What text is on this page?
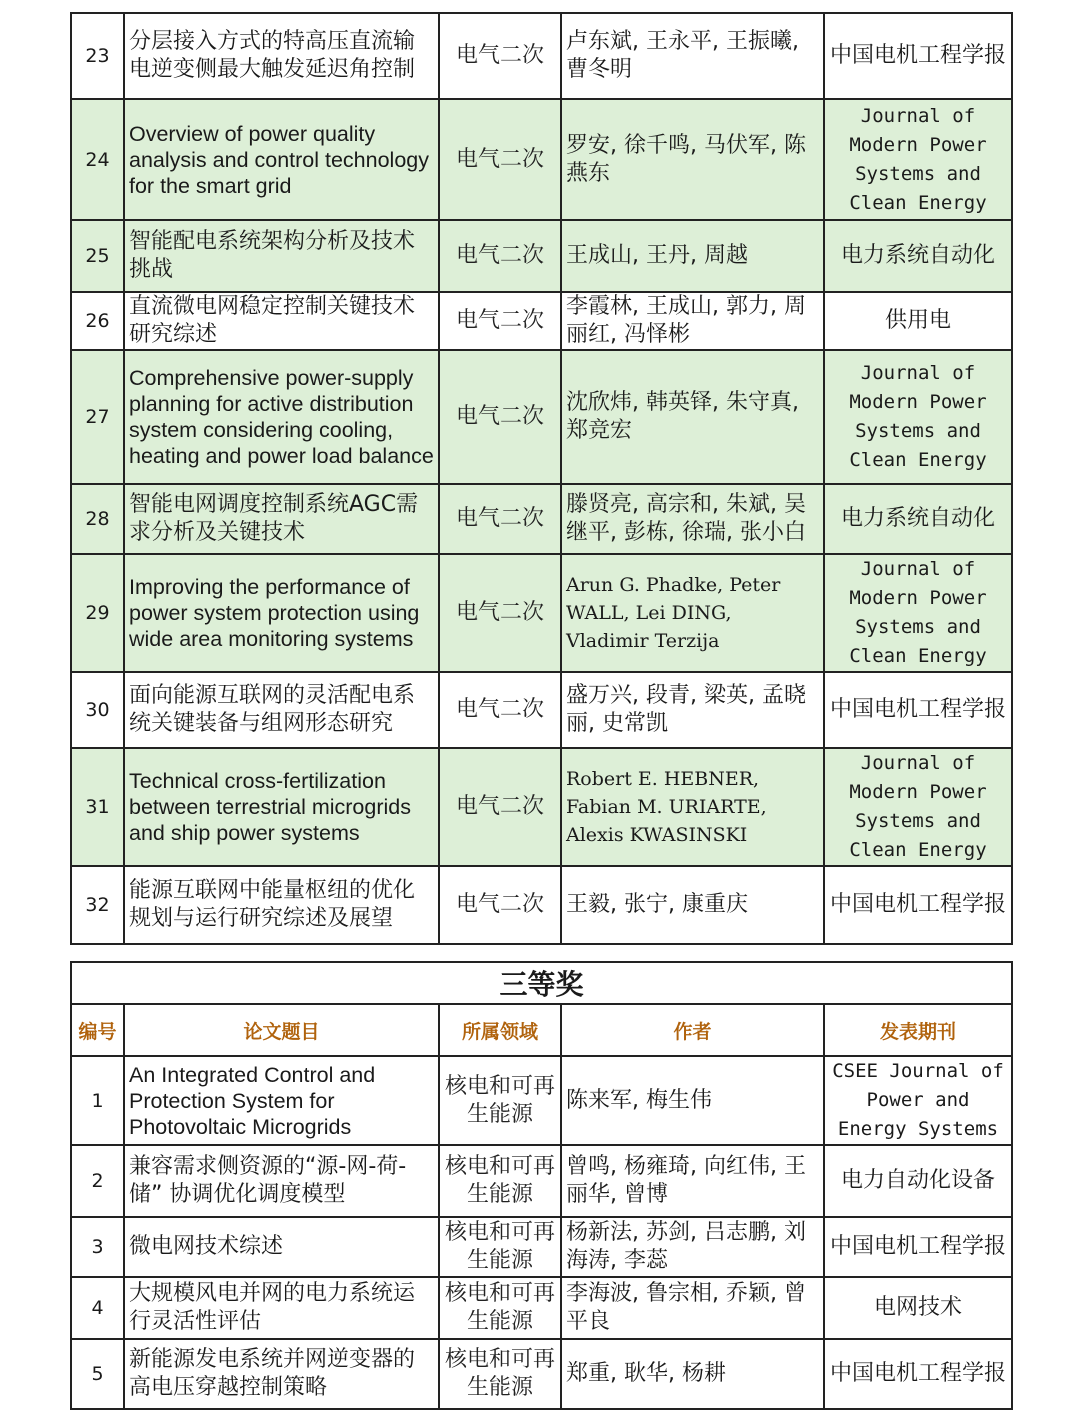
23	分层接入方式的特高压直流输电逆变侧最大触发延迟角控制	电气二次	卢东斌, 王永平, 王振曦, 曹冬明	中国电机工程学报
24	Overview of power quality analysis and control technology for the smart grid	电气二次	罗安, 徐千鸣, 马伏军, 陈燕东	Journal of Modern Power Systems and Clean Energy
25	智能配电系统架构分析及技术挑战	电气二次	王成山, 王丹, 周越	电力系统自动化
26	直流微电网稳定控制关键技术研究综述	电气二次	李霞林, 王成山, 郭力, 周丽红, 冯怿彬	供用电
27	Comprehensive power-supply planning for active distribution system considering cooling, heating and power load balance	电气二次	沈欣炜, 韩英铎, 朱守真, 郑竞宏	Journal of Modern Power Systems and Clean Energy
28	智能电网调度控制系统AGC需求分析及关键技术	电气二次	滕贤亮, 高宗和, 朱斌, 吴继平, 彭栋, 徐瑞, 张小白	电力系统自动化
29	Improving the performance of power system protection using wide area monitoring systems	电气二次	Arun G. Phadke, Peter WALL, Lei DING, Vladimir Terzija	Journal of Modern Power Systems and Clean Energy
30	面向能源互联网的灵活配电系统关键装备与组网形态研究	电气二次	盛万兴, 段青, 梁英, 孟晓丽, 史常凯	中国电机工程学报
31	Technical cross-fertilization between terrestrial microgrids and ship power systems	电气二次	Robert E. HEBNER, Fabian M. URIARTE, Alexis KWASINSKI	Journal of Modern Power Systems and Clean Energy
32	能源互联网中能量枢纽的优化规划与运行研究综述及展望	电气二次	王毅, 张宁, 康重庆	中国电机工程学报
三等奖				
编号	论文题目	所属领域	作者	发表期刊
1	An Integrated Control and Protection System for Photovoltaic Microgrids	核电和可再生能源	陈来军, 梅生伟	CSEE Journal of Power and Energy Systems
2	兼容需求侧资源的“源-网-荷-储” 协调优化调度模型	核电和可再生能源	曾鸣, 杨雍琦, 向红伟, 王丽华, 曾博	电力自动化设备
3	微电网技术综述	核电和可再生能源	杨新法, 苏剑, 吕志鹏, 刘海涛, 李蕊	中国电机工程学报
4	大规模风电并网的电力系统运行灵活性评估	核电和可再生能源	李海波, 鲁宗相, 乔颖, 曾平良	电网技术
5	新能源发电系统并网逆变器的高电压穿越控制策略	核电和可再生能源	郑重, 耿华, 杨耕	中国电机工程学报
